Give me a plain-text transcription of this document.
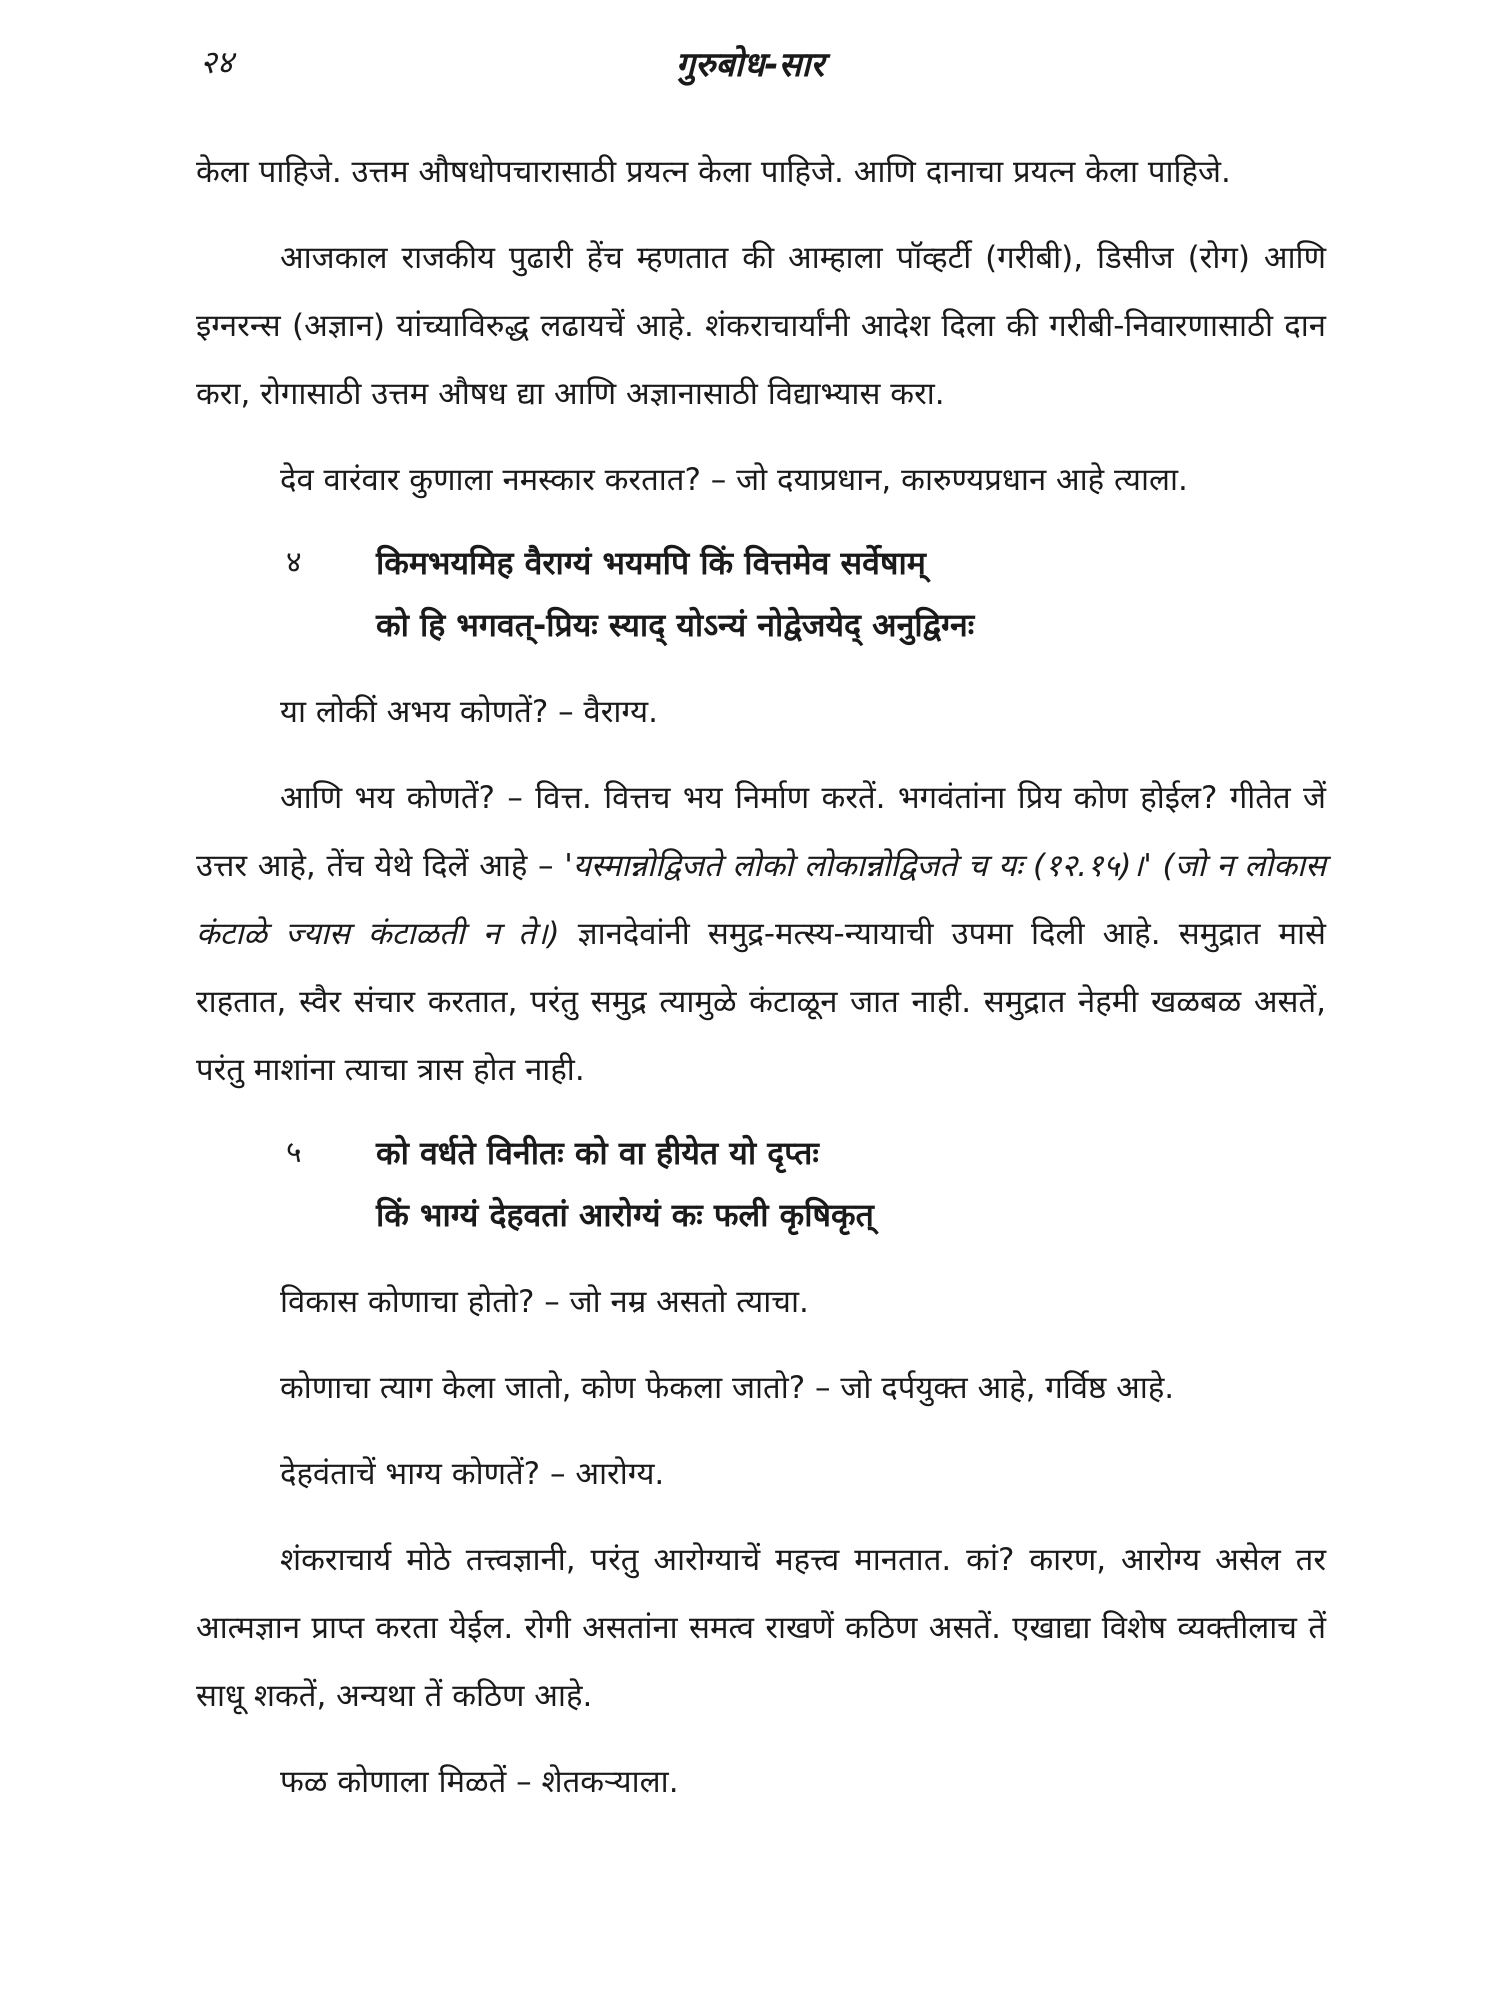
२४	गुरुबोध-सार

केला पाहिजे. उत्तम औषधोपचारासाठी प्रयत्न केला पाहिजे. आणि दानाचा प्रयत्न केला पाहिजे.

आजकाल राजकीय पुढारी हेंच म्हणतात की आम्हाला पॉव्हर्टी (गरीबी), डिसीज (रोग) आणि इग्नरन्स (अज्ञान) यांच्याविरुद्ध लढायचें आहे. शंकराचार्यांनी आदेश दिला की गरीबी-निवारणासाठी दान करा, रोगासाठी उत्तम औषध द्या आणि अज्ञानासाठी विद्याभ्यास करा.

देव वारंवार कुणाला नमस्कार करतात? – जो दयाप्रधान, कारुण्यप्रधान आहे त्याला.

४ किमभयमिह वैराग्यं भयमपि किं वित्तमेव सर्वेषाम्
को हि भगवत्-प्रियः स्याद् योऽन्यं नोद्वेजयेद् अनुद्विग्नः

या लोकीं अभय कोणतें? – वैराग्य.

आणि भय कोणतें? – वित्त. वित्तच भय निर्माण करतें. भगवंतांना प्रिय कोण होईल? गीतेत जें उत्तर आहे, तेंच येथे दिलें आहे – 'यस्मान्नोद्विजते लोको लोकान्नोद्विजते च यः (१२.१५)।' (जो न लोकास कंटाळे ज्यास कंटाळती न ते।) ज्ञानदेवांनी समुद्र-मत्स्य-न्यायाची उपमा दिली आहे. समुद्रात मासे राहतात, स्वैर संचार करतात, परंतु समुद्र त्यामुळे कंटाळून जात नाही. समुद्रात नेहमी खळबळ असतें, परंतु माशांना त्याचा त्रास होत नाही.

५ को वर्धते विनीतः को वा हीयेत यो दृप्तः
किं भाग्यं देहवतां आरोग्यं कः फली कृषिकृत्

विकास कोणाचा होतो? – जो नम्र असतो त्याचा.

कोणाचा त्याग केला जातो, कोण फेकला जातो? – जो दर्पयुक्त आहे, गर्विष्ठ आहे.

देहवंताचें भाग्य कोणतें? – आरोग्य.

शंकराचार्य मोठे तत्त्वज्ञानी, परंतु आरोग्याचें महत्त्व मानतात. कां? कारण, आरोग्य असेल तर आत्मज्ञान प्राप्त करता येईल. रोगी असतांना समत्व राखणें कठिण असतें. एखाद्या विशेष व्यक्तीलाच तें साधू शकतें, अन्यथा तें कठिण आहे.

फळ कोणाला मिळतें – शेतकऱ्याला.
